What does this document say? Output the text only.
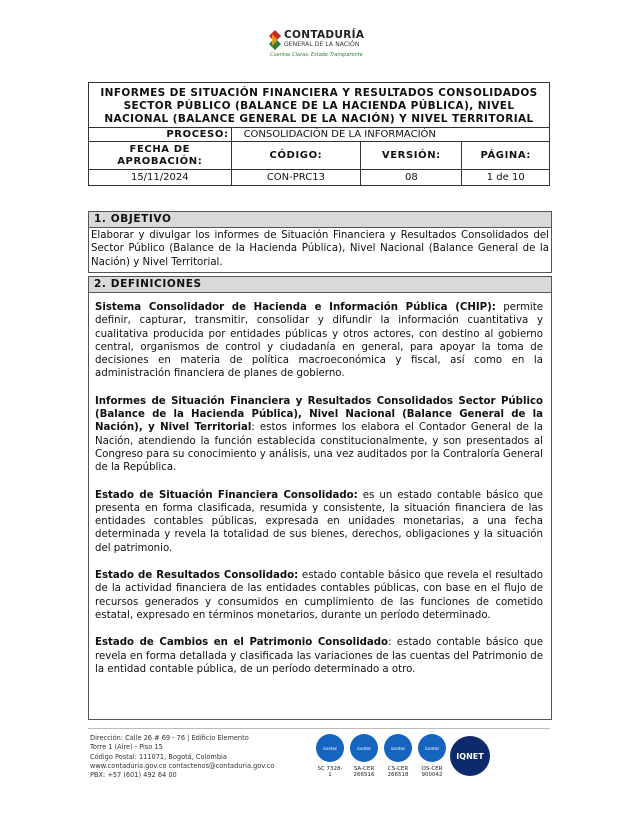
CONTADURÍA
GENERAL DE LA NACIÓN
Cuentas Claras, Estado Transparente
INFORMES DE SITUACIÓN FINANCIERA Y RESULTADOS CONSOLIDADOS SECTOR PÚBLICO (BALANCE DE LA HACIENDA PÚBLICA), NIVEL NACIONAL (BALANCE GENERAL DE LA NACIÓN) Y NIVEL TERRITORIAL			
PROCESO:	CONSOLIDACIÓN DE LA INFORMACIÓN		
FECHA DE APROBACIÓN:	CÓDIGO:	VERSIÓN:	PÁGINA:
15/11/2024	CON-PRC13	08	1 de 10
1. OBJETIVO
Elaborar y divulgar los informes de Situación Financiera y Resultados Consolidados del Sector Público (Balance de la Hacienda Pública), Nivel Nacional (Balance General de la Nación) y Nivel Territorial.
2. DEFINICIONES

Sistema Consolidador de Hacienda e Información Pública (CHIP): permite definir, capturar, transmitir, consolidar y difundir la información cuantitativa y cualitativa producida por entidades públicas y otros actores, con destino al gobierno central, organismos de control y ciudadanía en general, para apoyar la toma de decisiones en materia de política macroeconómica y fiscal, así como en la administración financiera de planes de gobierno.

Informes de Situación Financiera y Resultados Consolidados Sector Público (Balance de la Hacienda Pública), Nivel Nacional (Balance General de la Nación), y Nivel Territorial: estos informes los elabora el Contador General de la Nación, atendiendo la función establecida constitucionalmente, y son presentados al Congreso para su conocimiento y análisis, una vez auditados por la Contraloría General de la República.

Estado de Situación Financiera Consolidado: es un estado contable básico que presenta en forma clasificada, resumida y consistente, la situación financiera de las entidades contables públicas, expresada en unidades monetarias, a una fecha determinada y revela la totalidad de sus bienes, derechos, obligaciones y la situación del patrimonio.

Estado de Resultados Consolidado: estado contable básico que revela el resultado de la actividad financiera de las entidades contables públicas, con base en el flujo de recursos generados y consumidos en cumplimiento de las funciones de cometido estatal, expresado en términos monetarios, durante un período determinado.

Estado de Cambios en el Patrimonio Consolidado: estado contable básico que revela en forma detallada y clasificada las variaciones de las cuentas del Patrimonio de la entidad contable pública, de un período determinado a otro.

Dirección: Calle 26 # 69 - 76 | Edificio Elemento
Torre 1 (Aire) - Piso 15
Código Postal: 111071, Bogotá, Colombia
www.contaduria.gov.co contactenos@contaduria.gov.co
PBX: +57 (601) 492 64 00
icontec
SC 7328-1
icontec
SA-CER 266516
icontec
CS-CER 266518
icontec
OS-CER 900042
IQNET
